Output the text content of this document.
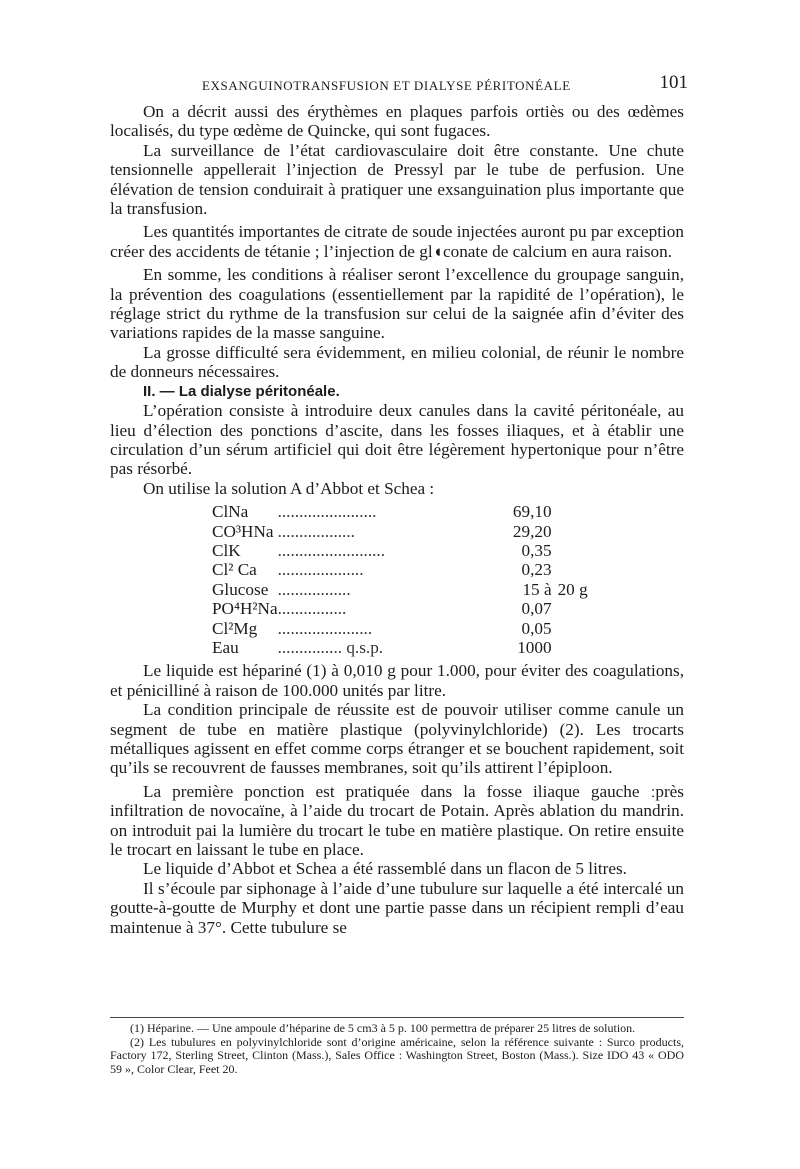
EXSANGUINOTRANSFUSION ET DIALYSE PÉRITONÉALE	101

On a décrit aussi des érythèmes en plaques parfois ortiès ou des œdèmes localisés, du type œdème de Quincke, qui sont fugaces.

La surveillance de l’état cardiovasculaire doit être constante. Une chute tensionnelle appellerait l’injection de Pressyl par le tube de perfusion. Une élévation de tension conduirait à pratiquer une exsanguination plus importante que la transfusion.

Les quantités importantes de citrate de soude injectées auront pu par exception créer des accidents de tétanie ; l’injection de gl◖conate de calcium en aura raison.

En somme, les conditions à réaliser seront l’excellence du groupage sanguin, la prévention des coagulations (essentiellement par la rapidité de l’opération), le réglage strict du rythme de la transfusion sur celui de la saignée afin d’éviter des variations rapides de la masse sanguine.

La grosse difficulté sera évidemment, en milieu colonial, de réunir le nombre de donneurs nécessaires.

II. — La dialyse péritonéale.

L’opération consiste à introduire deux canules dans la cavité péritonéale, au lieu d’élection des ponctions d’ascite, dans les fosses iliaques, et à établir une circulation d’un sérum artificiel qui doit être légèrement hypertonique pour n’être pas résorbé.

On utilise la solution A d’Abbot et Schea :

ClNa	.......................	69,10	
CO³HNa	..................	29,20	
ClK	.........................	0,35	
Cl² Ca	....................	0,23	
Glucose	.................	15 à	20 g
PO⁴H²Na	................	0,07	
Cl²Mg	......................	0,05	
Eau	............... q.s.p.	1000	

Le liquide est hépariné (1) à 0,010 g pour 1.000, pour éviter des coagulations, et pénicilliné à raison de 100.000 unités par litre.

La condition principale de réussite est de pouvoir utiliser comme canule un segment de tube en matière plastique (polyvinylchloride) (2). Les trocarts métalliques agissent en effet comme corps étranger et se bouchent rapidement, soit qu’ils se recouvrent de fausses membranes, soit qu’ils attirent l’épiploon.

La première ponction est pratiquée dans la fosse iliaque gauche ːprès infiltration de novocaïne, à l’aide du trocart de Potain. Après ablation du mandrin. on introduit pai la lumière du trocart le tube en matière plastique. On retire ensuite le trocart en laissant le tube en place.

Le liquide d’Abbot et Schea a été rassemblé dans un flacon de 5 litres.

Il s’écoule par siphonage à l’aide d’une tubulure sur laquelle a été intercalé un goutte-à-goutte de Murphy et dont une partie passe dans un récipient rempli d’eau maintenue à 37°. Cette tubulure se

(1) Héparine. — Une ampoule d’héparine de 5 cm3 à 5 p. 100 permettra de préparer 25 litres de solution.

(2) Les tubulures en polyvinylchloride sont d’origine américaine, selon la référence suivante : Surco products, Factory 172, Sterling Street, Clinton (Mass.), Sales Office : Washington Street, Boston (Mass.). Size IDO 43 « ODO 59 », Color Clear, Feet 20.
